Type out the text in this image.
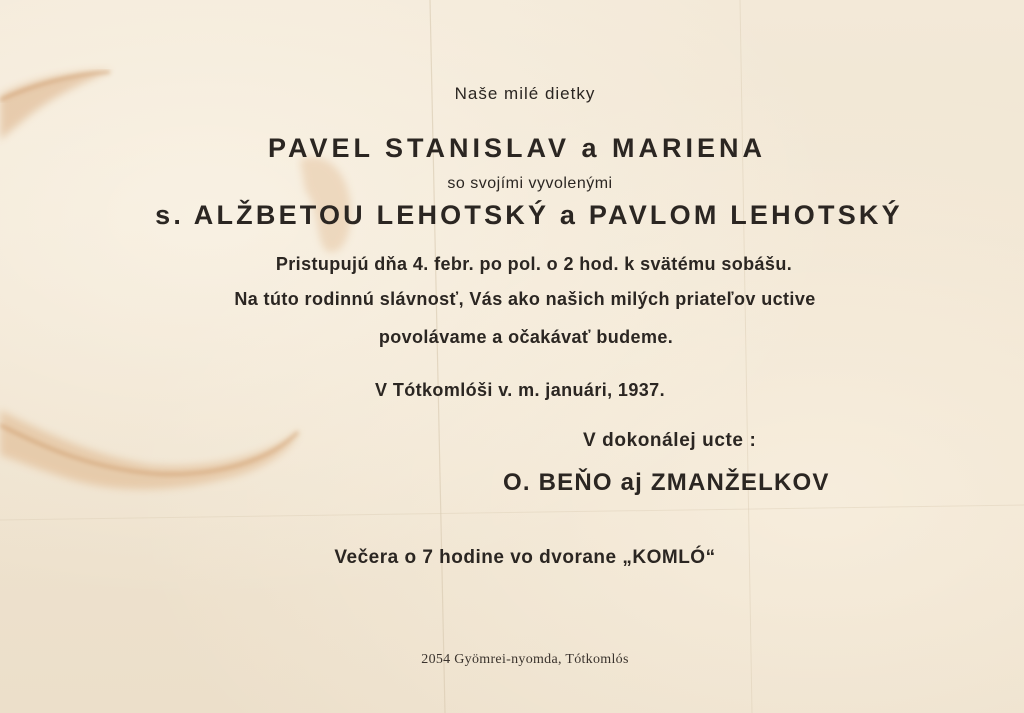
Naše milé dietky

PAVEL STANISLAV a MARIENA

so svojími vyvolenými

s. ALŽBETOU LEHOTSKÝ a PAVLOM LEHOTSKÝ

Pristupujú dňa 4. febr. po pol. o 2 hod. k svätému sobášu.

Na túto rodinnú slávnosť, Vás ako našich milých priateľov uctive

povolávame a očakávať budeme.

V Tótkomlóši v. m. januári, 1937.

V dokonálej ucte :

O. BEŇO aj ZMANŽELKOV

Večera o 7 hodine vo dvorane „KOMLÓ“

2054 Gyömrei-nyomda, Tótkomlós
